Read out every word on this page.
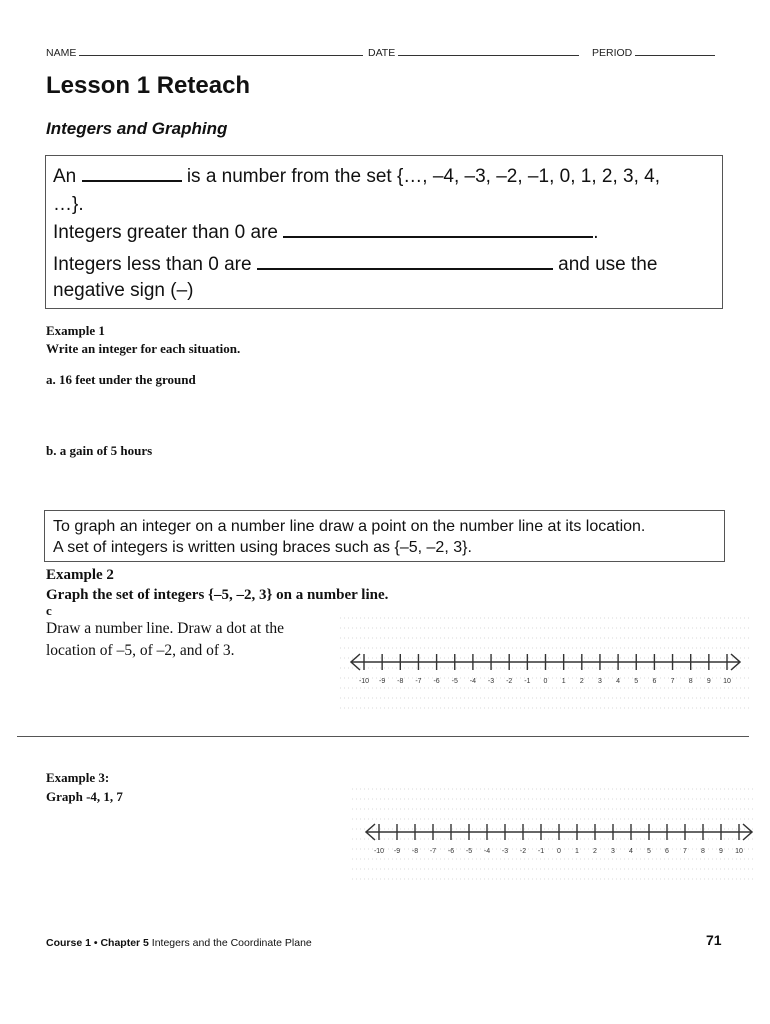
NAME	DATE	PERIOD
Lesson 1 Reteach
Integers and Graphing
An	is a number from the set {…, –4, –3, –2, –1, 0, 1, 2, 3, 4,
…}.
Integers greater than 0 are	.
Integers less than 0 are	and use the
negative sign (–)
Example 1
Write an integer for each situation.
a. 16 feet under the ground
b. a gain of 5 hours
To graph an integer on a number line draw a point on the number line at its location.
A set of integers is written using braces such as {–5, –2, 3}.
Example 2
Graph the set of integers {–5, –2, 3} on a number line.
c
Draw a number line. Draw a dot at the
location of –5, of –2, and of 3.
-10 -9 -8 -7 -6 -5 -4 -3 -2 -1 0 1 2 3 4 5 6 7 8 9 10
Example 3:
Graph -4, 1, 7
-10 -9 -8 -7 -6 -5 -4 -3 -2 -1 0 1 2 3 4 5 6 7 8 9 10
Course 1 • Chapter 5 Integers and the Coordinate Plane	71
